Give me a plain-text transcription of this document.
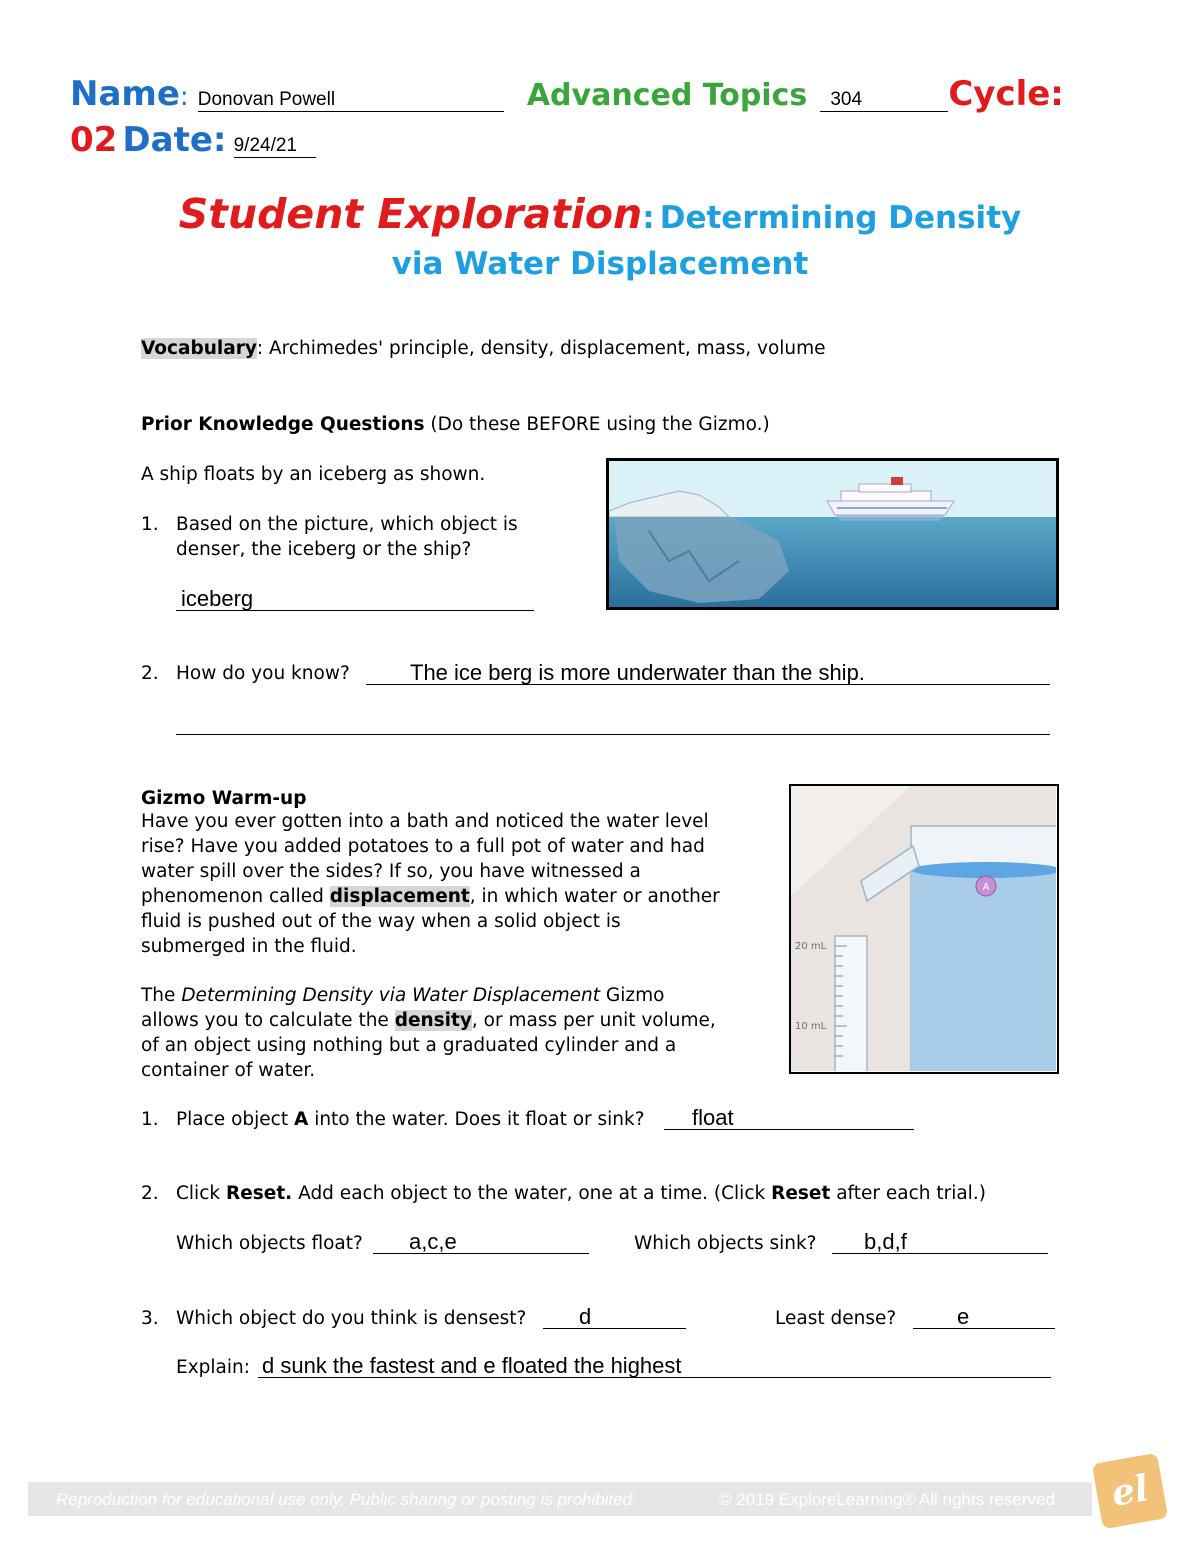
Name: Donovan Powell	Advanced Topics 304	Cycle:
02 Date: 9/24/21
Student Exploration: Determining Density
via Water Displacement
Vocabulary: Archimedes' principle, density, displacement, mass, volume
Prior Knowledge Questions (Do these BEFORE using the Gizmo.)
A ship floats by an iceberg as shown.
1. Based on the picture, which object is
denser, the iceberg or the ship?
iceberg
2. How do you know?	The ice berg is more underwater than the ship.
Gizmo Warm-up
Have you ever gotten into a bath and noticed the water level
rise? Have you added potatoes to a full pot of water and had
water spill over the sides? If so, you have witnessed a
phenomenon called displacement, in which water or another
fluid is pushed out of the way when a solid object is
submerged in the fluid.
The Determining Density via Water Displacement Gizmo
allows you to calculate the density, or mass per unit volume,
of an object using nothing but a graduated cylinder and a
container of water.
A
20 mL
10 mL
1. Place object A into the water. Does it float or sink? float
2. Click Reset. Add each object to the water, one at a time. (Click Reset after each trial.)
Which objects float? a,c,e	Which objects sink? b,d,f
3. Which object do you think is densest? d	Least dense?	e
Explain: d sunk the fastest and e floated the highest
Reproduction for educational use only. Public sharing or posting is prohibited.	© 2019 ExploreLearning® All rights reserved el
